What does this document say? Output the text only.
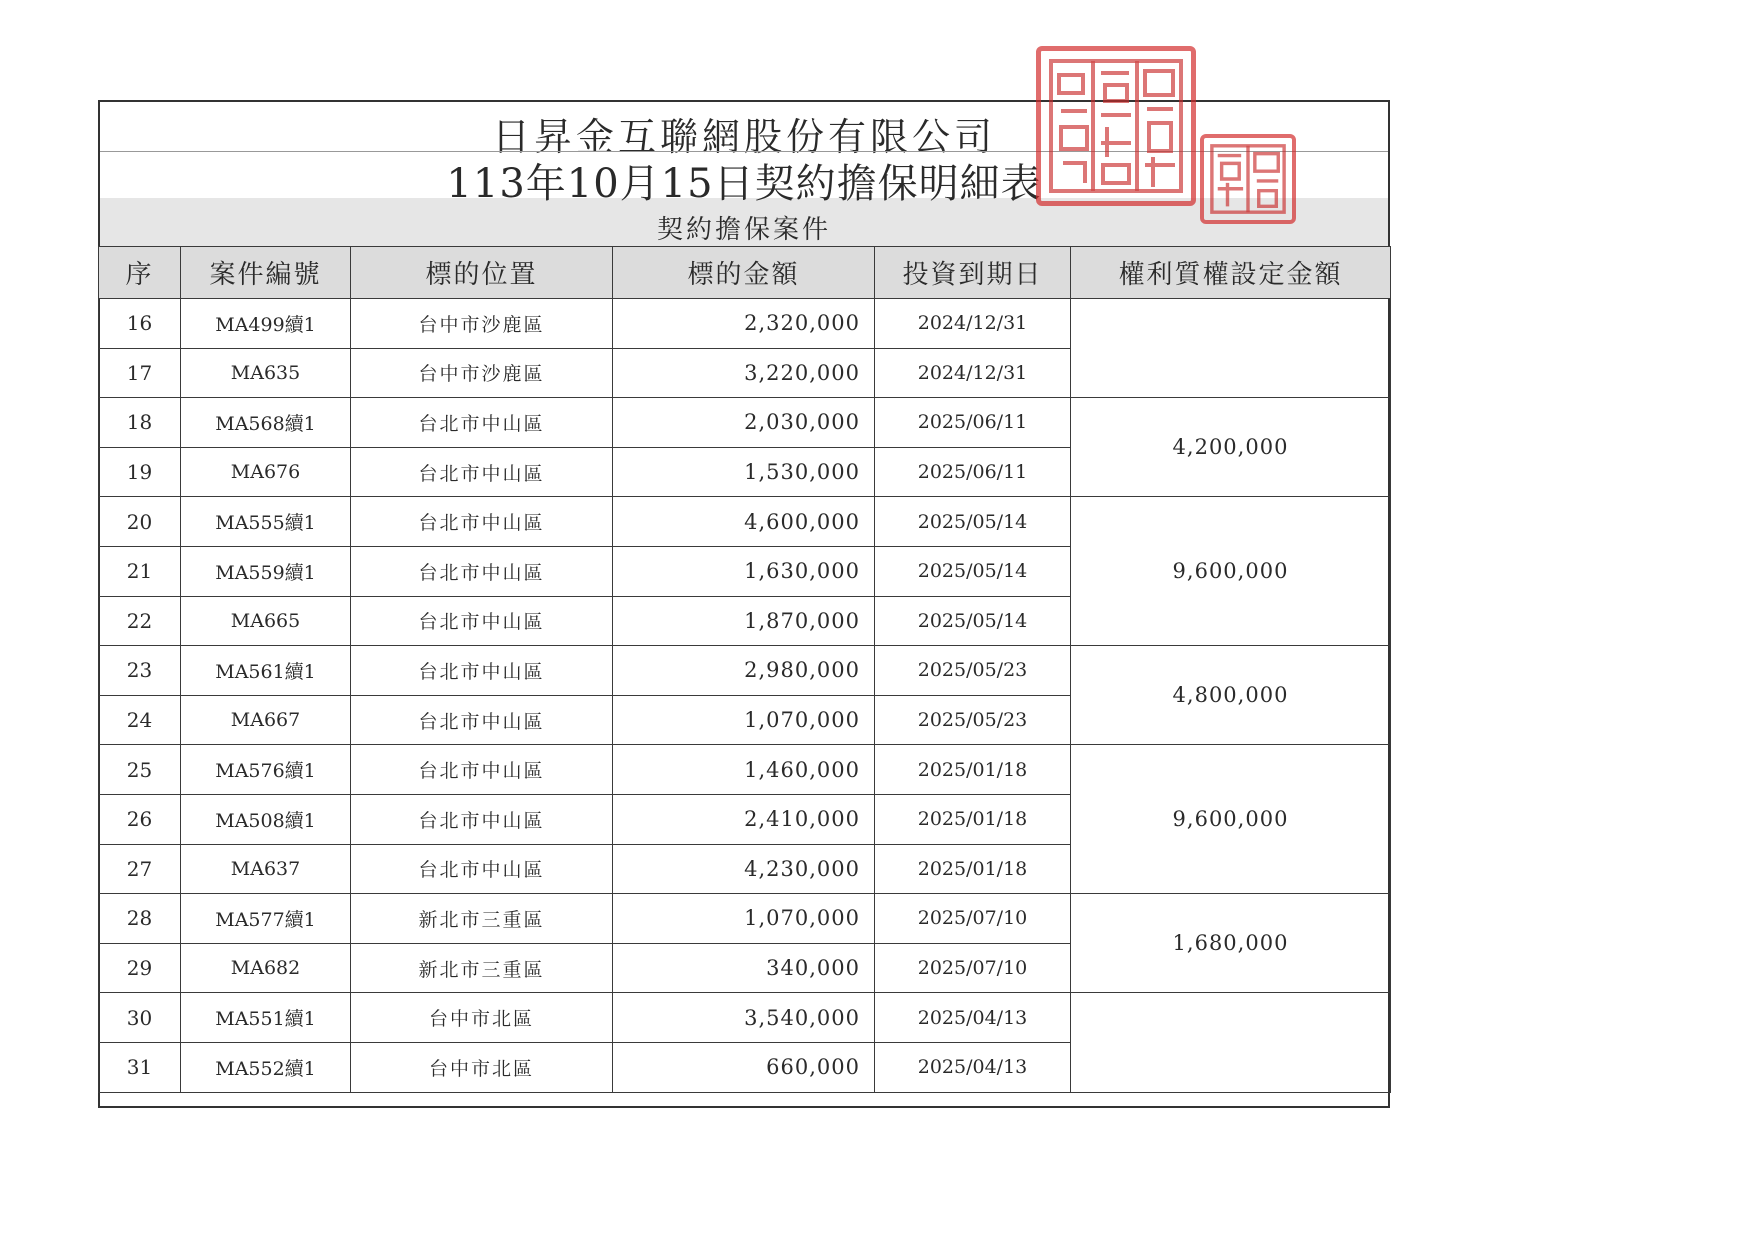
日昇金互聯網股份有限公司
113年10月15日契約擔保明細表
契約擔保案件
序	案件編號	標的位置	標的金額	投資到期日	權利質權設定金額
16	MA499續1	台中市沙鹿區	2,320,000	2024/12/31	
17	MA635	台中市沙鹿區	3,220,000	2024/12/31	
18	MA568續1	台北市中山區	2,030,000	2025/06/11	4,200,000
19	MA676	台北市中山區	1,530,000	2025/06/11	
20	MA555續1	台北市中山區	4,600,000	2025/05/14	9,600,000
21	MA559續1	台北市中山區	1,630,000	2025/05/14	
22	MA665	台北市中山區	1,870,000	2025/05/14	
23	MA561續1	台北市中山區	2,980,000	2025/05/23	4,800,000
24	MA667	台北市中山區	1,070,000	2025/05/23	
25	MA576續1	台北市中山區	1,460,000	2025/01/18	9,600,000
26	MA508續1	台北市中山區	2,410,000	2025/01/18	
27	MA637	台北市中山區	4,230,000	2025/01/18	
28	MA577續1	新北市三重區	1,070,000	2025/07/10	1,680,000
29	MA682	新北市三重區	340,000	2025/07/10	
30	MA551續1	台中市北區	3,540,000	2025/04/13	
31	MA552續1	台中市北區	660,000	2025/04/13	
